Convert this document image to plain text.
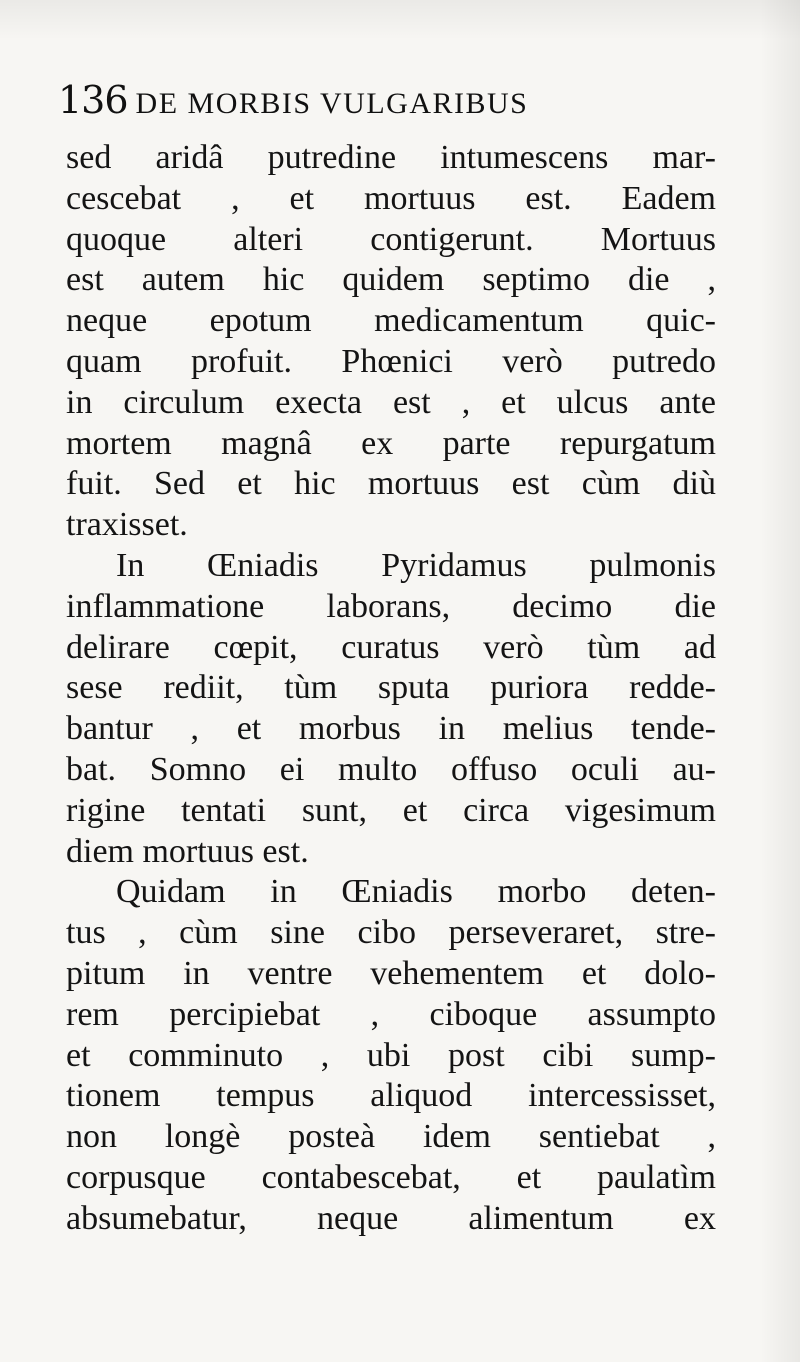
136 DE MORBIS VULGARIBUS
sed aridâ putredine intumescens mar-
cescebat , et mortuus est. Eadem
quoque alteri contigerunt. Mortuus
est autem hic quidem septimo die ,
neque epotum medicamentum quic-
quam profuit. Phœnici verò putredo
in circulum execta est , et ulcus ante
mortem magnâ ex parte repurgatum
fuit. Sed et hic mortuus est cùm diù
traxisset.
In Œniadis Pyridamus pulmonis
inflammatione laborans, decimo die
delirare cœpit, curatus verò tùm ad
sese rediit, tùm sputa puriora redde-
bantur , et morbus in melius tende-
bat. Somno ei multo offuso oculi au-
rigine tentati sunt, et circa vigesimum
diem mortuus est.
Quidam in Œniadis morbo deten-
tus , cùm sine cibo perseveraret, stre-
pitum in ventre vehementem et dolo-
rem percipiebat , ciboque assumpto
et comminuto , ubi post cibi sump-
tionem tempus aliquod intercessisset,
non longè posteà idem sentiebat ,
corpusque contabescebat, et paulatìm
absumebatur, neque alimentum ex
